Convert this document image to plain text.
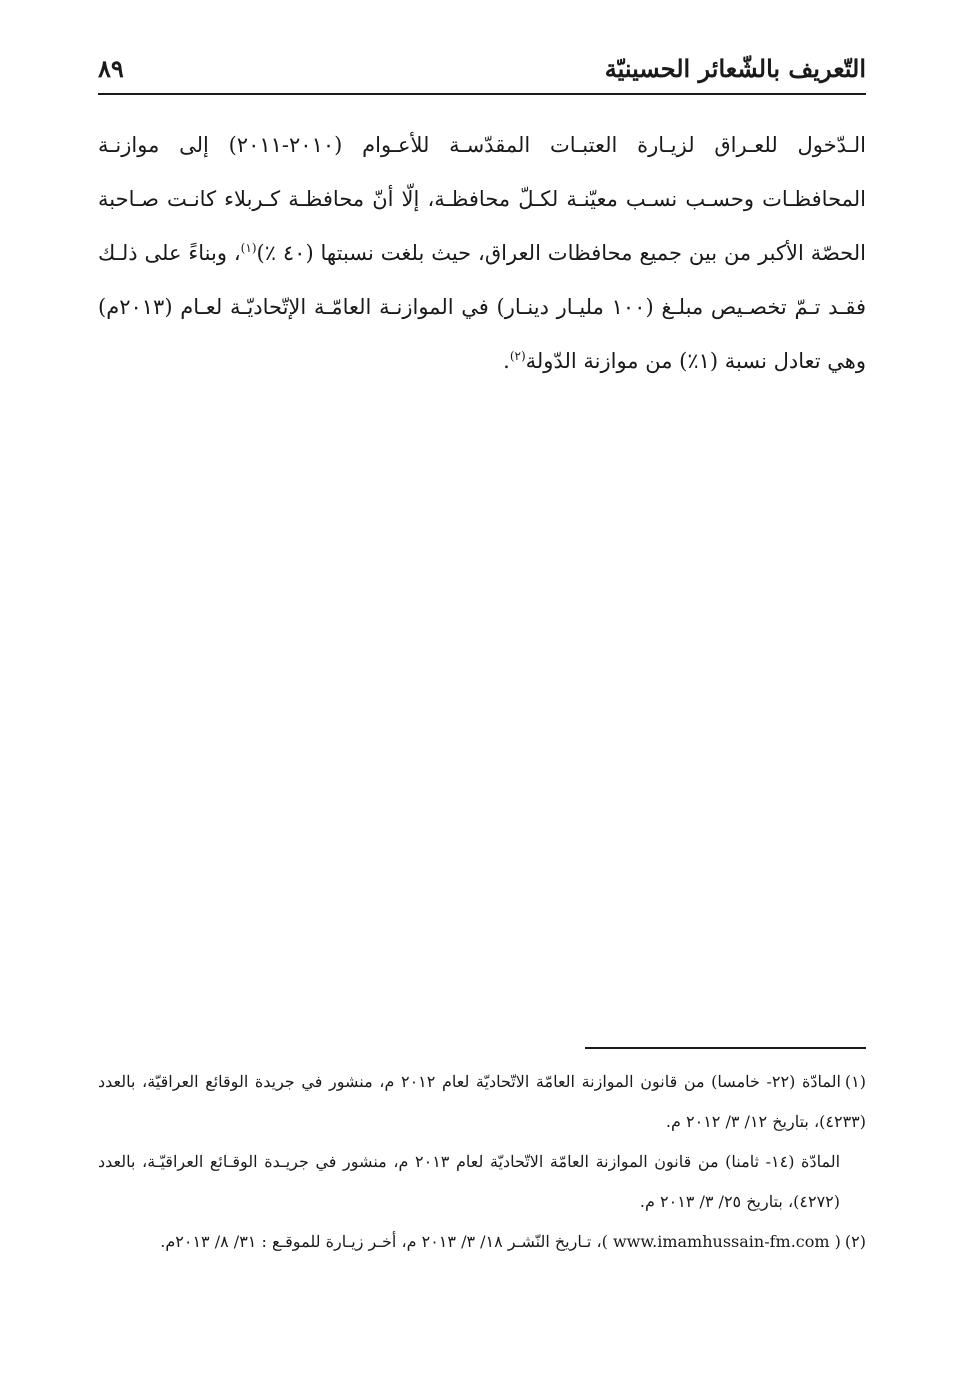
التّعريف بالشّعائر الحسينيّة
٨٩

الـدّخول للعـراق لزيـارة العتبـات المقدّسـة للأعـوام (٢٠١٠-٢٠١١) إلى موازنـة المحافظـات وحسـب نسـب معيّنـة لكـلّ محافظـة، إلّا أنّ محافظـة كـربلاء كانـت صـاحبة الحصّة الأكبر من بين جميع محافظات العراق، حيث بلغت نسبتها (٤٠ ٪)$^{(١)}$، وبناءً على ذلـك فقـد تـمّ تخصـيص مبلـغ (١٠٠ مليـار دينـار) في الموازنـة العامّـة الإتّحاديّـة لعـام (٢٠١٣م) وهي تعادل نسبة (١٪) من موازنة الدّولة$^{(٢)}$.

(١)المادّة (٢٢- خامسا) من قانون الموازنة العامّة الاتّحاديّة لعام ٢٠١٢ م، منشور في جريدة الوقائع العراقيّة، بالعدد (٤٢٣٣)، بتاريخ ١٢/ ٣/ ٢٠١٢ م.

المادّة (١٤- ثامنا) من قانون الموازنة العامّة الاتّحاديّة لعام ٢٠١٣ م، منشور في جريـدة الوقـائع العراقيّـة، بالعدد (٤٢٧٢)، بتاريخ ٢٥/ ٣/ ٢٠١٣ م.

(٢)( www.imamhussain-fm.com )، تـاريخ النّشـر ١٨/ ٣/ ٢٠١٣ م، أخـر زيـارة للموقـع : ٣١/ ٨/ ٢٠١٣م.
